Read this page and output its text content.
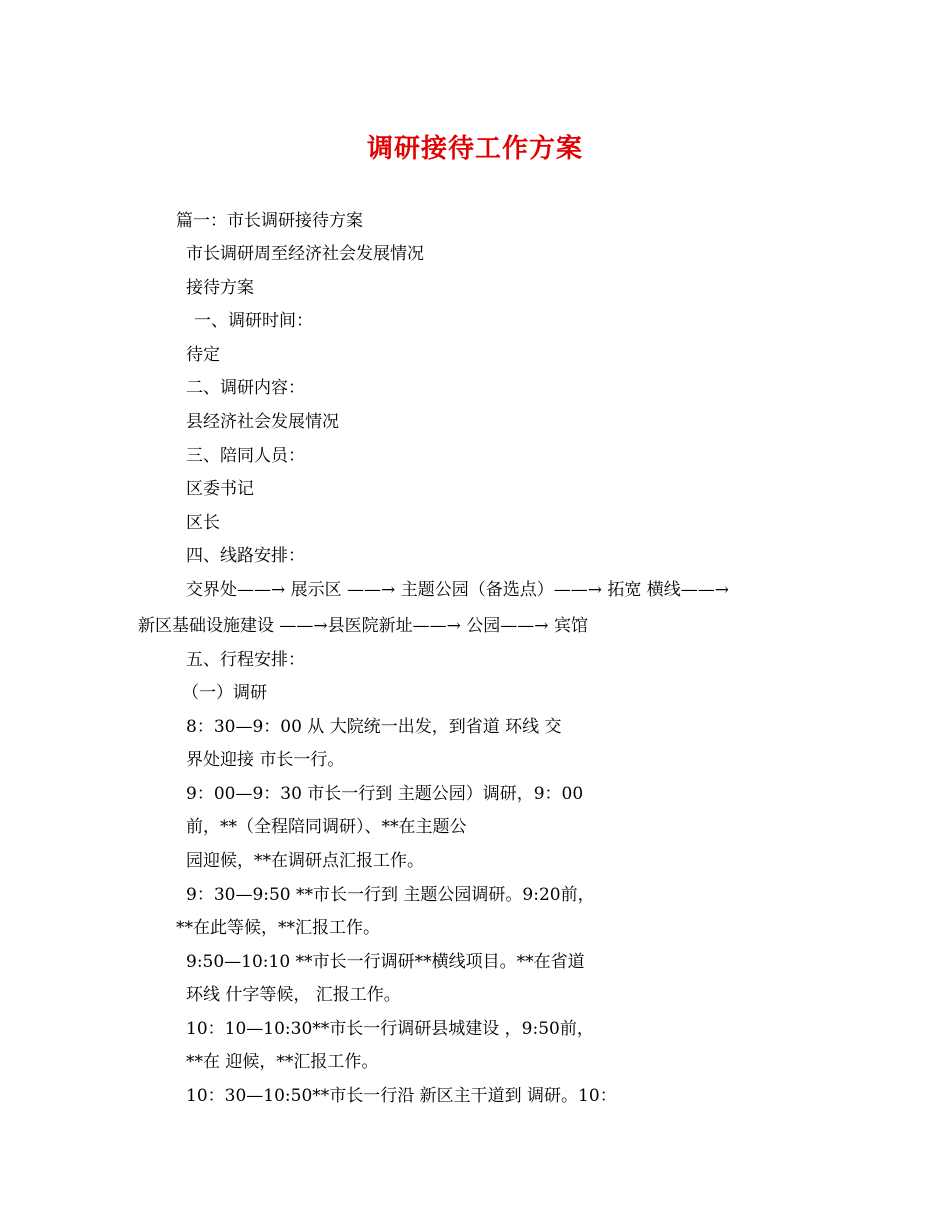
调研接待工作方案
篇一：市长调研接待方案
市长调研周至经济社会发展情况
接待方案
一、调研时间：
待定
二、调研内容：
县经济社会发展情况
三、陪同人员：
区委书记
区长
四、线路安排：
交界处——→ 展示区 ——→ 主题公园（备选点）——→ 拓宽 横线——→
新区基础设施建设 ——→县医院新址——→ 公园——→ 宾馆
五、行程安排：
（一）调研
8：30—9：00 从 大院统一出发，到省道 环线 交
界处迎接 市长一行。
9：00—9：30 市长一行到 主题公园）调研，9：00
前，**（全程陪同调研）、**在主题公
园迎候，**在调研点汇报工作。
9：30—9:50 **市长一行到 主题公园调研。9:20前，
**在此等候，**汇报工作。
9:50—10:10 **市长一行调研**横线项目。**在省道
环线 什字等候， 汇报工作。
10：10—10:30**市长一行调研县城建设 ，9:50前，
**在 迎候，**汇报工作。
10：30—10:50**市长一行沿 新区主干道到 调研。10：
